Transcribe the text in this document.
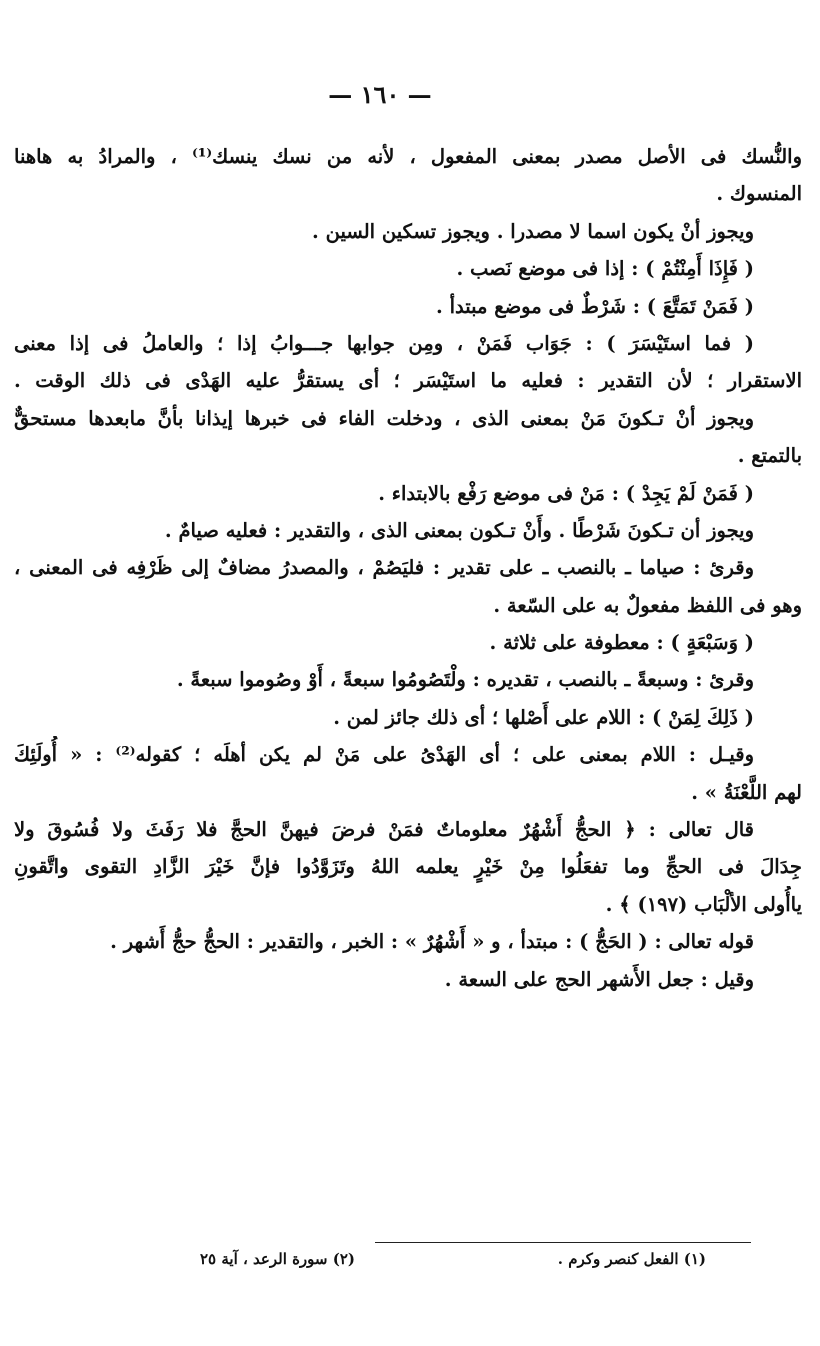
— ١٦٠ —
والنُّسك فى الأصل مصدر بمعنى المفعول ، لأنه من نسك ينسك⁽¹⁾ ، والمرادُ به هاهنا
المنسوك .
ويجوز أنْ يكون اسما لا مصدرا . ويجوز تسكين السين .
( فَإِذَا أَمِنْتُمْ ) : إذا فى موضع نَصب .
( فَمَنْ تَمَتَّعَ ) : شَرْطٌ فى موضع مبتدأ .
( فما استَيْسَرَ ) : جَوَاب فَمَنْ ، ومِن جوابها جـــوابُ إذا ؛ والعاملُ فى إذا معنى
الاستقرار ؛ لأن التقدير : فعليه ما استَيْسَر ؛ أى يستقرُّ عليه الهَدْى فى ذلك الوقت .
ويجوز أنْ تـكونَ مَنْ بمعنى الذى ، ودخلت الفاء فى خبرها إيذانا بأنَّ مابعدها مستحقٌّ
بالتمتع .
( فَمَنْ لَمْ يَجِدْ ) : مَنْ فى موضع رَفْع بالابتداء .
ويجوز أن تـكونَ شَرْطًا . وأَنْ تـكون بمعنى الذى ، والتقدير : فعليه صيامٌ .
وقرئ : صياما ـ بالنصب ـ على تقدير : فليَصُمْ ، والمصدرُ مضافٌ إلى ظَرْفِه فى المعنى ،
وهو فى اللفظ مفعولٌ به على السّعة .
( وَسَبْعَةٍ ) : معطوفة على ثلاثة .
وقرئ : وسبعةً ـ بالنصب ، تقديره : ولْتَصُومُوا سبعةً ، أَوْ وصُوموا سبعةً .
( ذَلِكَ لِمَنْ ) : اللام على أَصْلها ؛ أى ذلك جائز لمن .
وقيـل : اللام بمعنى على ؛ أى الهَدْىُ على مَنْ لم يكن أهلَه ؛ كقوله⁽²⁾ : « أُولَئِكَ
لهم اللَّعْنَةُ » .
قال تعالى : ﴿ الحجُّ أَشْهُرٌ معلوماتٌ فمَنْ فرضَ فيهنَّ الحجَّ فلا رَفَثَ ولا فُسُوقَ ولا
جِدَالَ فى الحجِّ وما تفعَلُوا مِنْ خَيْرٍ يعلمه اللهُ وتَزَوَّدُوا فإنَّ خَيْرَ الزَّادِ التقوى واتَّقونِ
ياأُولى الألْبَاب (١٩٧) ﴾ .
قوله تعالى : ( الحَجُّ ) : مبتدأ ، و « أَشْهُرٌ » : الخبر ، والتقدير : الحجُّ حجُّ أَشهر .
وقيل : جعل الأَشهر الحج على السعة .
(١) الفعل كنصر وكرم .
(٢) سورة الرعد ، آية ٢٥
